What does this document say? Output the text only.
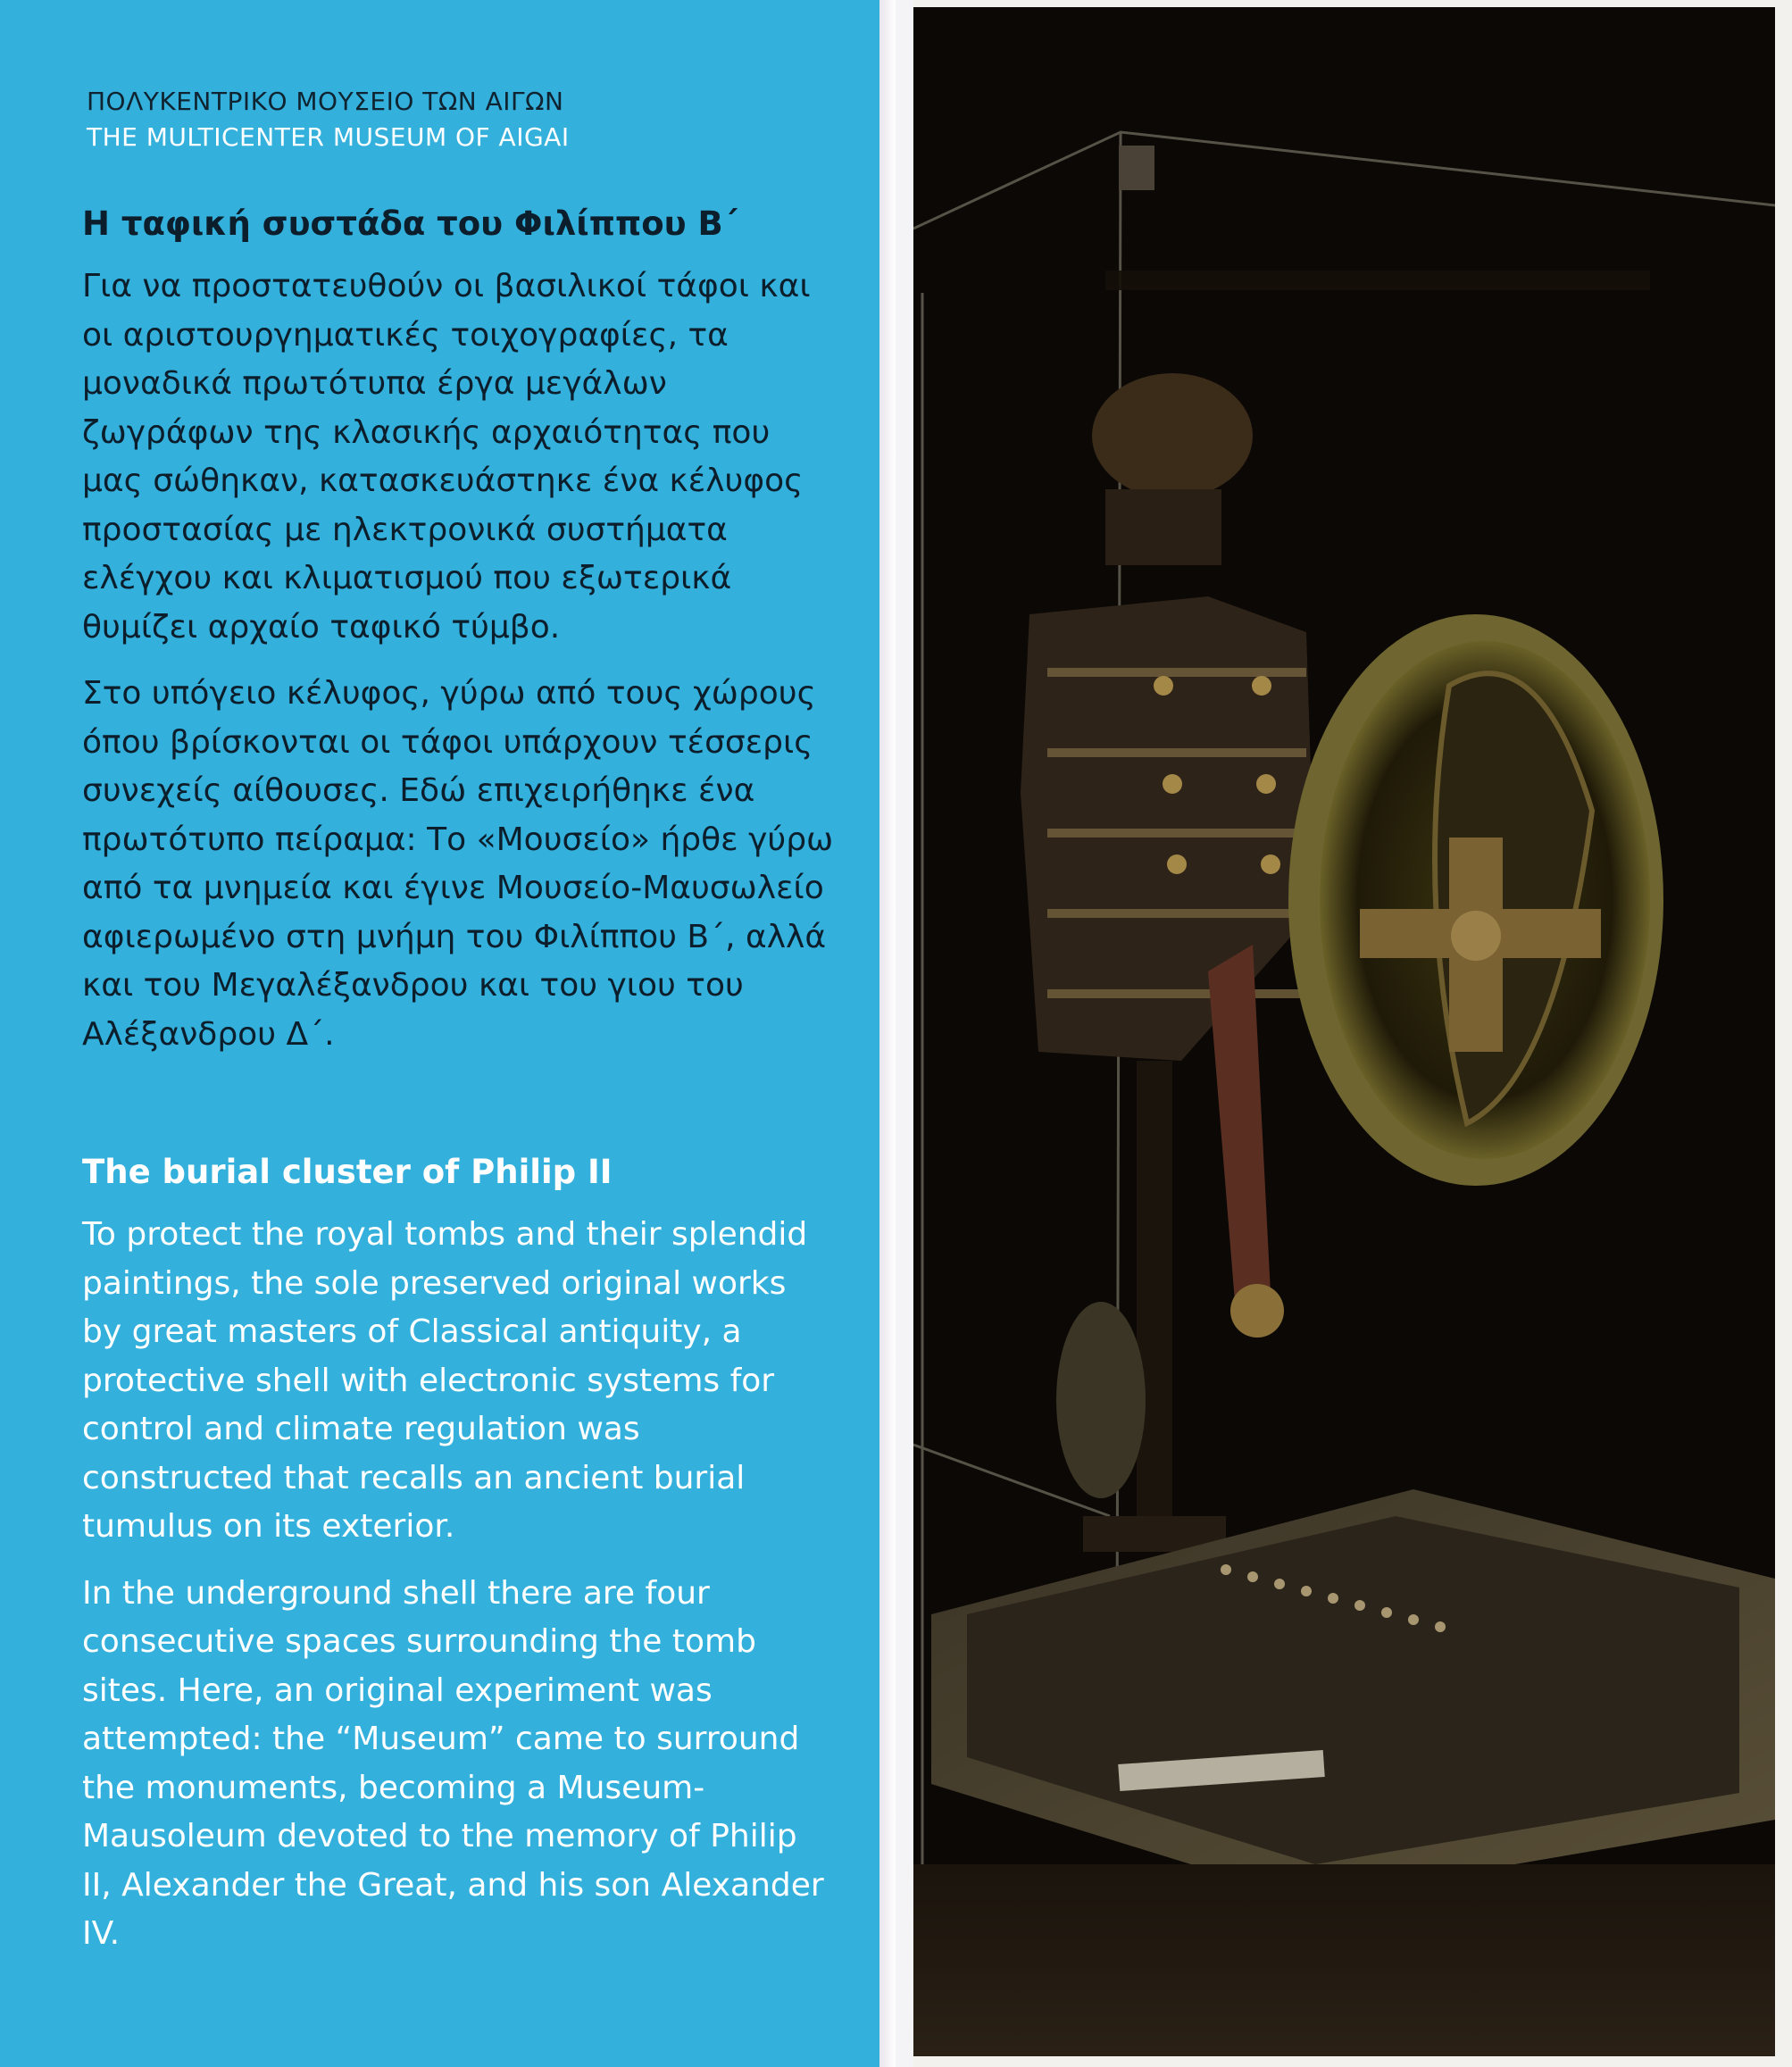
ΠΟΛΥΚΕΝΤΡΙΚΟ ΜΟΥΣΕΙΟ ΤΩΝ ΑΙΓΩΝ
THE MULTICENTER MUSEUM OF AIGAI
Η ταφική συστάδα του Φιλίππου Β΄

Για να προστατευθούν οι βασιλικοί τάφοι και οι αριστουργηματικές τοιχογραφίες, τα μοναδικά πρωτότυπα έργα μεγάλων ζωγράφων της κλασικής αρχαιότητας που μας σώθηκαν, κατασκευάστηκε ένα κέλυφος προστασίας με ηλεκτρονικά συστήματα ελέγχου και κλιματισμού που εξωτερικά θυμίζει αρχαίο ταφικό τύμβο.

Στο υπόγειο κέλυφος, γύρω από τους χώρους όπου βρίσκονται οι τάφοι υπάρχουν τέσσερις συνεχείς αίθουσες. Εδώ επιχειρήθηκε ένα πρωτότυπο πείραμα: Το «Μουσείο» ήρθε γύρω από τα μνημεία και έγινε Μουσείο-Μαυσωλείο αφιερωμένο στη μνήμη του Φιλίππου Β΄, αλλά και του Μεγαλέξανδρου και του γιου του Αλέξανδρου Δ΄.

The burial cluster of Philip II

To protect the royal tombs and their splendid paintings, the sole preserved original works by great masters of Classical antiquity, a protective shell with electronic systems for control and climate regulation was constructed that recalls an ancient burial tumulus on its exterior.

In the underground shell there are four consecutive spaces surrounding the tomb sites. Here, an original experiment was attempted: the “Museum” came to surround the monuments, becoming a Museum-Mausoleum devoted to the memory of Philip II, Alexander the Great, and his son Alexander IV.
